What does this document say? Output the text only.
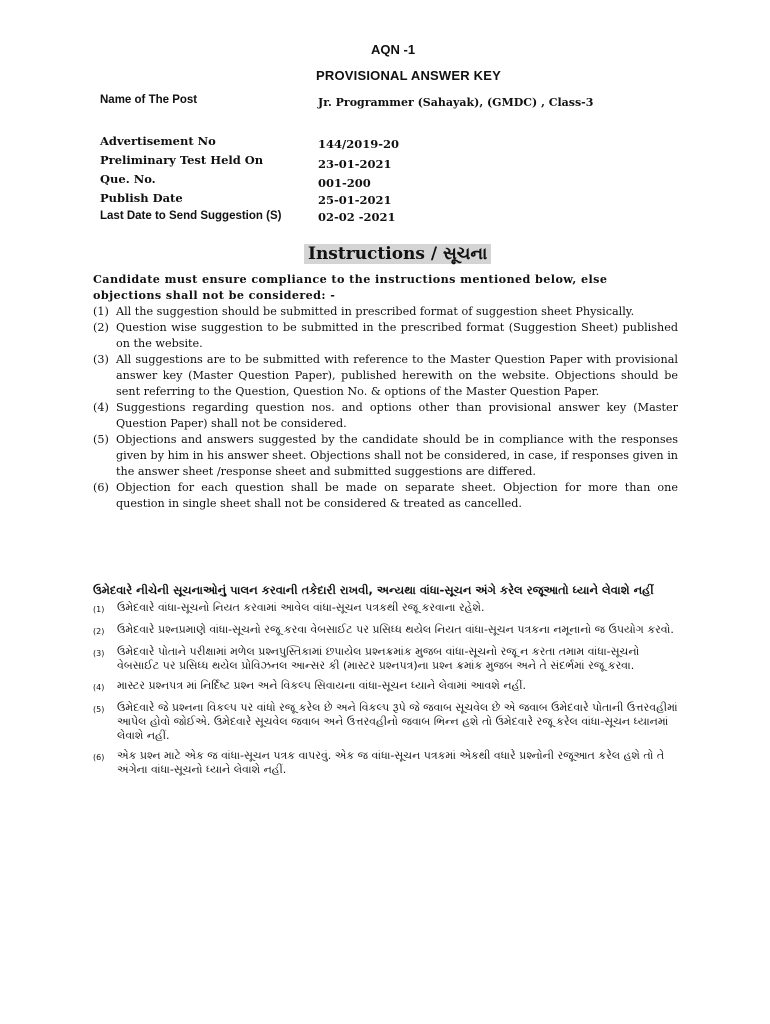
AQN -1
PROVISIONAL ANSWER KEY
Name of The Post	Jr. Programmer (Sahayak), (GMDC) , Class-3
Advertisement No	144/2019-20
Preliminary Test Held On	23-01-2021
Que. No.	001-200
Publish Date	25-01-2021
Last Date to Send Suggestion (S)	02-02 -2021
Instructions / સૂચના
Candidate must ensure compliance to the instructions mentioned below, else objections shall not be considered: -
(1) All the suggestion should be submitted in prescribed format of suggestion sheet Physically.
(2) Question wise suggestion to be submitted in the prescribed format (Suggestion Sheet) published on the website.
(3) All suggestions are to be submitted with reference to the Master Question Paper with provisional answer key (Master Question Paper), published herewith on the website. Objections should be sent referring to the Question, Question No. & options of the Master Question Paper.
(4) Suggestions regarding question nos. and options other than provisional answer key (Master Question Paper) shall not be considered.
(5) Objections and answers suggested by the candidate should be in compliance with the responses given by him in his answer sheet. Objections shall not be considered, in case, if responses given in the answer sheet /response sheet and submitted suggestions are differed.
(6) Objection for each question shall be made on separate sheet. Objection for more than one question in single sheet shall not be considered & treated as cancelled.
ઉમેદવારે નીચેની સૂચનાઓનું પાલન કરવાની તકેદારી રાખવી, અન્યથા વાંધા-સૂચન અંગે કરેલ રજૂઆતો ધ્યાને લેવાશે નહીં
(1)	ઉમેદવારે વાંધા-સૂચનો નિયત કરવામાં આવેલ વાંધા-સૂચન પત્રકથી રજૂ કરવાના રહેશે.
(2)	ઉમેદવારે પ્રશ્નપ્રમાણે વાંધા-સૂચનો રજૂ કરવા વેબસાઈટ પર પ્રસિધ્ધ થયેલ નિયત વાંધા-સૂચન પત્રકના નમૂનાનો જ ઉપયોગ કરવો.
(3)	ઉમેદવારે પોતાને પરીક્ષામાં મળેલ પ્રશ્નપુસ્તિકામાં છપાયેલ પ્રશ્નક્રમાંક મુજબ વાંધા-સૂચનો રજૂ ન કરતા તમામ વાંધા-સૂચનો વેબસાઈટ પર પ્રસિધ્ધ થયેલ પ્રોવિઝનલ આન્સર કી (માસ્ટર પ્રશ્નપત્ર)ના પ્રશ્ન ક્રમાંક મુજબ અને તે સંદર્ભમાં રજૂ કરવા.
(4)	માસ્ટર પ્રશ્નપત્ર માં નિર્દિષ્ટ પ્રશ્ન અને વિકલ્પ સિવાયના વાંધા-સૂચન ધ્યાને લેવામાં આવશે નહીં.
(5)	ઉમેદવારે જે પ્રશ્નના વિકલ્પ પર વાંધો રજૂ કરેલ છે અને વિકલ્પ રૂપે જે જવાબ સૂચવેલ છે એ જવાબ ઉમેદવારે પોતાની ઉત્તરવહીમાં આપેલ હોવો જોઈએ. ઉમેદવારે સૂચવેલ જવાબ અને ઉત્તરવહીનો જવાબ ભિન્ન હશે તો ઉમેદવારે રજૂ કરેલ વાંધા-સૂચન ધ્યાનમાં લેવાશે નહીં.
(6)	એક પ્રશ્ન માટે એક જ વાંધા-સૂચન પત્રક વાપરવું. એક જ વાંધા-સૂચન પત્રકમાં એકથી વધારે પ્રશ્નોની રજૂઆત કરેલ હશે તો તે અંગેના વાંધા-સૂચનો ધ્યાને લેવાશે નહીં.
